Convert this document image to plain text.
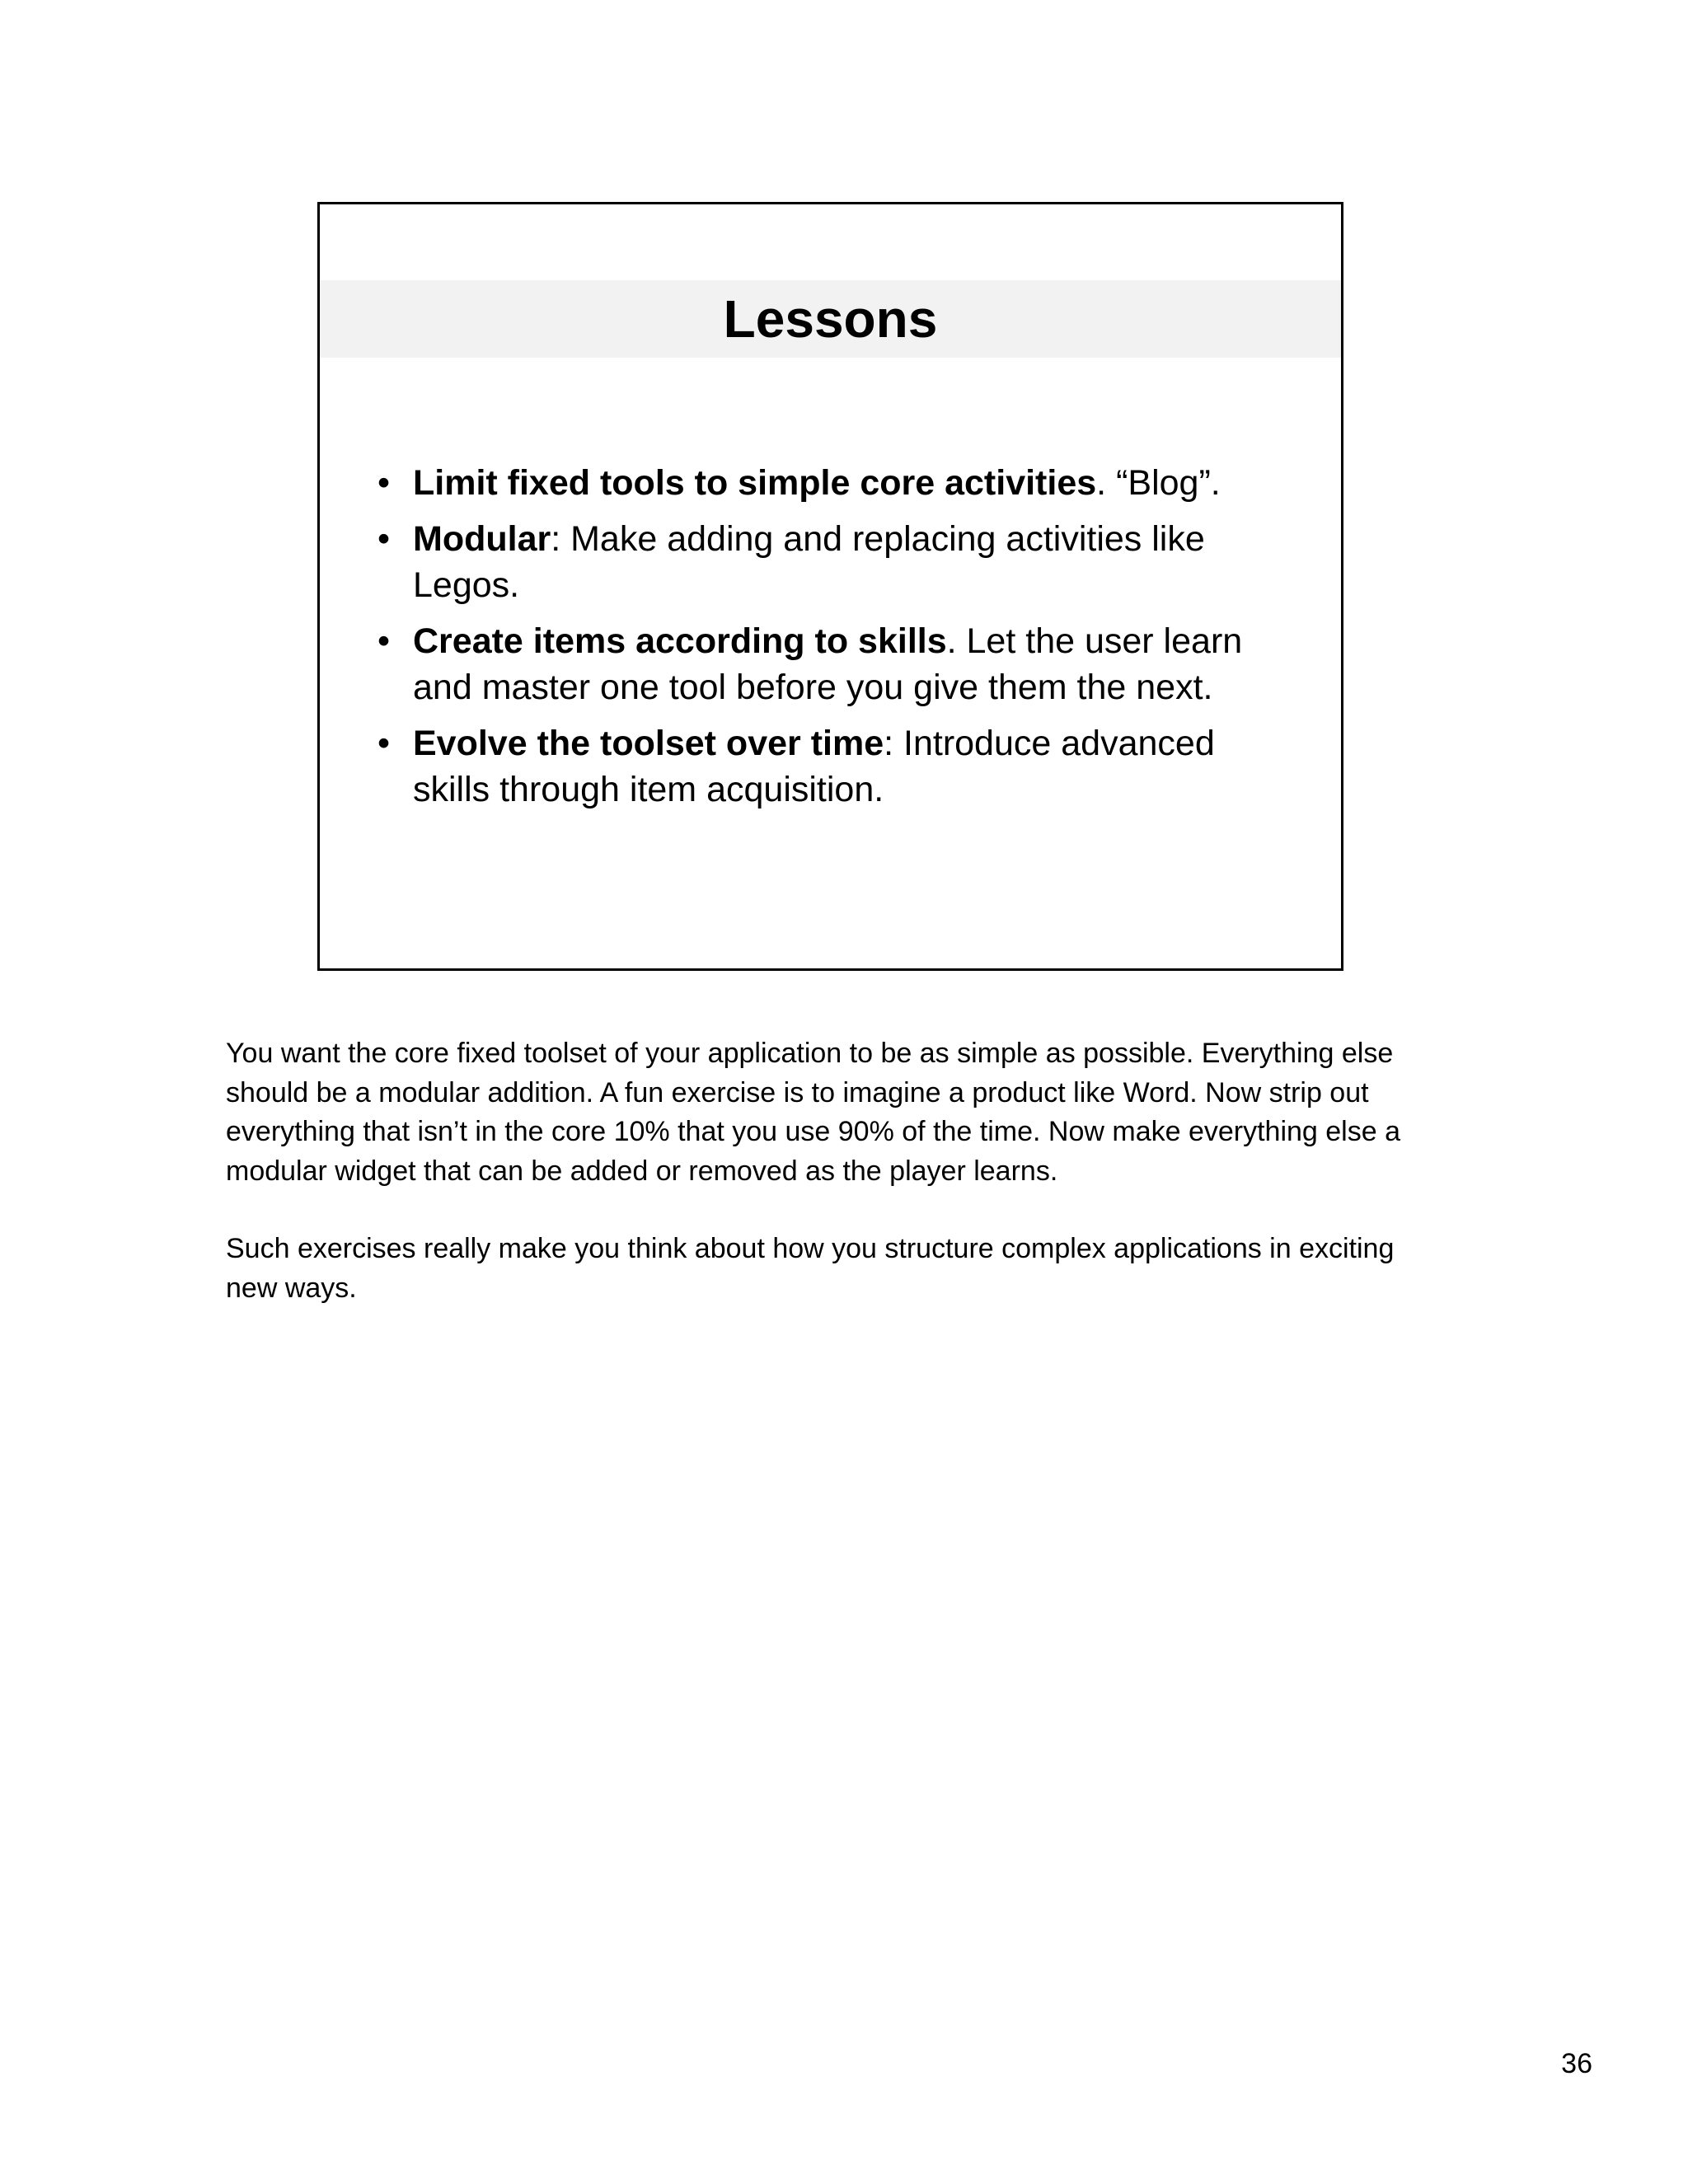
Lessons
• Limit fixed tools to simple core activities. “Blog”.
• Modular: Make adding and replacing activities like Legos.
• Create items according to skills. Let the user learn and master one tool before you give them the next.
• Evolve the toolset over time: Introduce advanced skills through item acquisition.

You want the core fixed toolset of your application to be as simple as possible. Everything else should be a modular addition. A fun exercise is to imagine a product like Word. Now strip out everything that isn’t in the core 10% that you use 90% of the time. Now make everything else a modular widget that can be added or removed as the player learns.

Such exercises really make you think about how you structure complex applications in exciting new ways.

36
